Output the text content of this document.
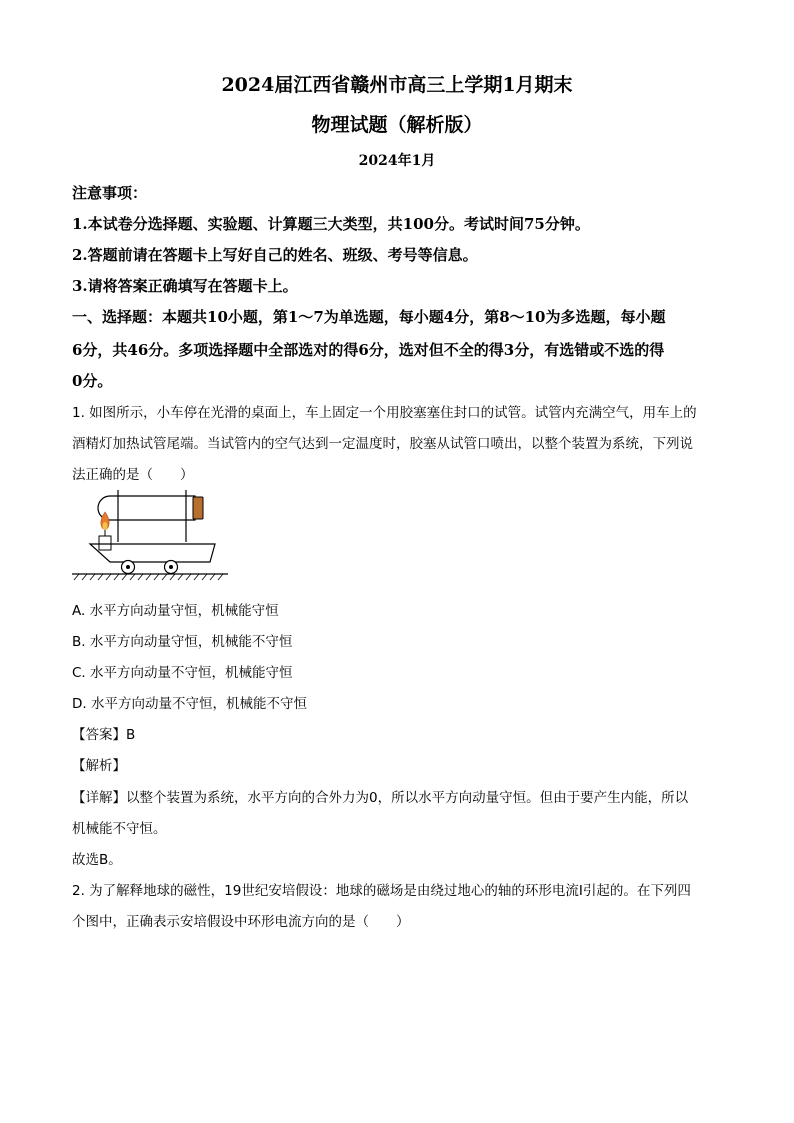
2024届江西省赣州市高三上学期1月期末
物理试题（解析版）
2024年1月
注意事项：
1.本试卷分选择题、实验题、计算题三大类型，共100分。考试时间75分钟。
2.答题前请在答题卡上写好自己的姓名、班级、考号等信息。
3.请将答案正确填写在答题卡上。
一、选择题：本题共10小题，第1～7为单选题，每小题4分，第8～10为多选题，每小题
6分，共46分。多项选择题中全部选对的得6分，选对但不全的得3分，有选错或不选的得
0分。
1. 如图所示，小车停在光滑的桌面上，车上固定一个用胶塞塞住封口的试管。试管内充满空气，用车上的
酒精灯加热试管尾端。当试管内的空气达到一定温度时，胶塞从试管口喷出，以整个装置为系统，下列说
法正确的是（　　）
A. 水平方向动量守恒，机械能守恒
B. 水平方向动量守恒，机械能不守恒
C. 水平方向动量不守恒，机械能守恒
D. 水平方向动量不守恒，机械能不守恒
【答案】B
【解析】
【详解】以整个装置为系统，水平方向的合外力为0，所以水平方向动量守恒。但由于要产生内能，所以
机械能不守恒。
故选B。
2. 为了解释地球的磁性，19世纪安培假设：地球的磁场是由绕过地心的轴的环形电流I引起的。在下列四
个图中，正确表示安培假设中环形电流方向的是（　　）
